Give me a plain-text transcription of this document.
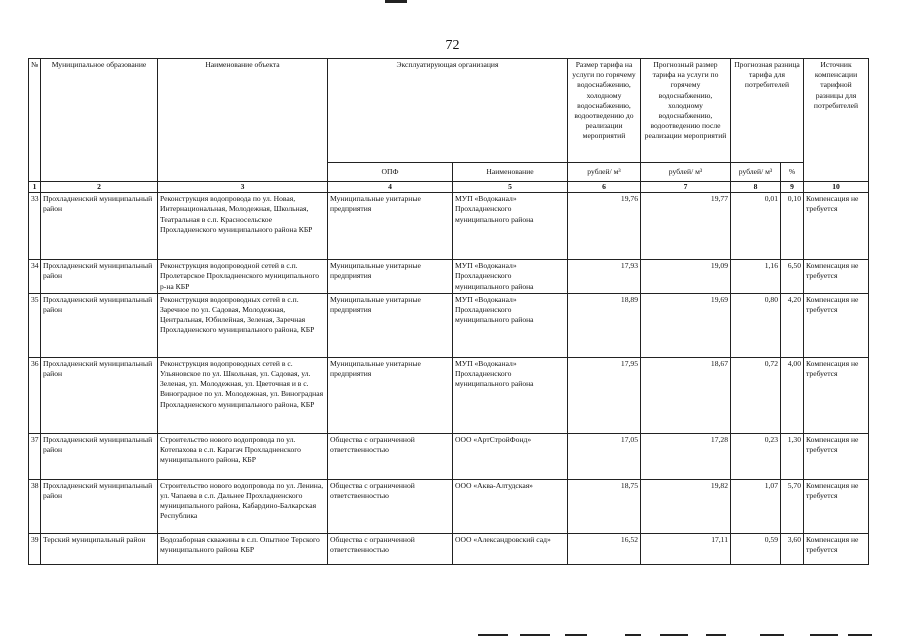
72
№	Муниципальное образование	Наименование объекта	Эксплуатирующая организация		Размер тарифа на услуги по горячему водоснабжению, холодному водоснабжению, водоотведению до реализации мероприятий	Прогнозный размер тарифа на услуги по горячему водоснабжению, холодному водоснабжению, водоотведению после реализации мероприятий	Прогнозная разница тарифа для потребителей		Источник компенсации тарифной разницы для потребителей
			ОПФ	Наименование	рублей/ м³	рублей/ м³	рублей/ м³	%	
1	2	3	4	5	6	7	8	9	10
33	Прохладненский муниципальный район	Реконструкция водопровода по ул. Новая, Интернациональная, Молодежная, Школьная, Театральная в с.п. Красносельское Прохладненского муниципального района КБР	Муниципальные унитарные предприятия	МУП «Водоканал» Прохладненского муниципального района	19,76	19,77	0,01	0,10	Компенсация не требуется
34	Прохладненский муниципальный район	Реконструкция водопроводной сетей в с.п. Пролетарское Прохладненского муниципального р-на КБР	Муниципальные унитарные предприятия	МУП «Водоканал» Прохладненского муниципального района	17,93	19,09	1,16	6,50	Компенсация не требуется
35	Прохладненский муниципальный район	Реконструкция водопроводных сетей в с.п. Заречное по ул. Садовая, Молодежная, Центральная, Юбилейная, Зеленая, Заречная Прохладненского муниципального района, КБР	Муниципальные унитарные предприятия	МУП «Водоканал» Прохладненского муниципального района	18,89	19,69	0,80	4,20	Компенсация не требуется
36	Прохладненский муниципальный район	Реконструкция водопроводных сетей в с. Ульяновское по ул. Школьная, ул. Садовая, ул. Зеленая, ул. Молодежная, ул. Цветочная и в с. Виноградное по ул. Молодежная, ул. Виноградная Прохладненского муниципального района, КБР	Муниципальные унитарные предприятия	МУП «Водоканал» Прохладненского муниципального района	17,95	18,67	0,72	4,00	Компенсация не требуется
37	Прохладненский муниципальный район	Строительство нового водопровода по ул. Котепахова в с.п. Карагач Прохладненского муниципального района, КБР	Общества с ограниченной ответственностью	ООО «АртСтройФонд»	17,05	17,28	0,23	1,30	Компенсация не требуется
38	Прохладненский муниципальный район	Строительство нового водопровода по ул. Ленина, ул. Чапаева в с.п. Дальнее Прохладненского муниципального района, Кабардино-Балкарская Республика	Общества с ограниченной ответственностью	ООО «Аква-Алтудская»	18,75	19,82	1,07	5,70	Компенсация не требуется
39	Терский муниципальный район	Водозаборная скважины в с.п. Опытное Терского муниципального района КБР	Общества с ограниченной ответственностью	ООО «Александровский сад»	16,52	17,11	0,59	3,60	Компенсация не требуется
